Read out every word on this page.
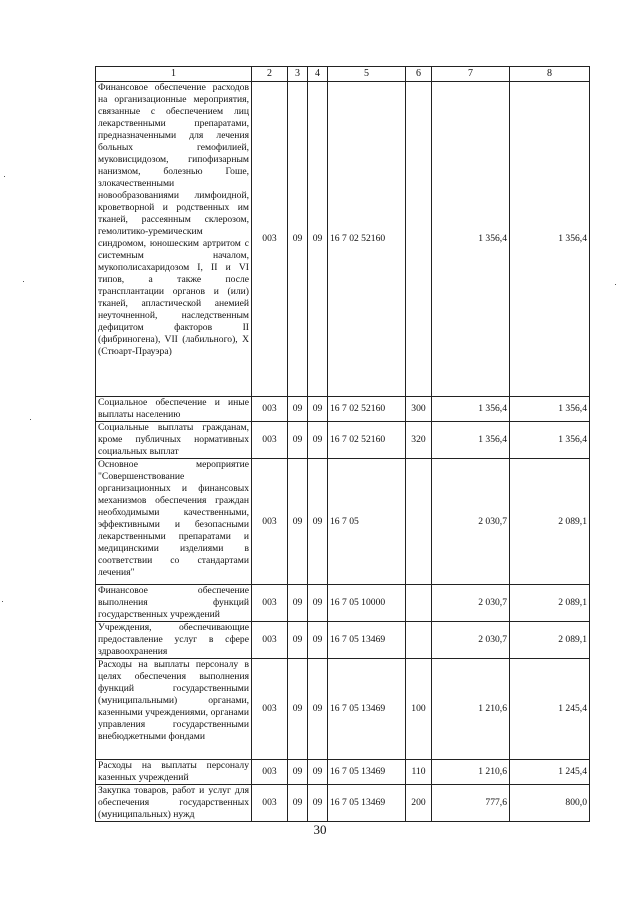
1	2	3	4	5	6	7	8
Финансовое обеспечение расходов на организационные мероприятия, связанные с обеспечением лиц лекарственными препаратами, предназначенными для лечения больных гемофилией, муковисцидозом, гипофизарным нанизмом, болезнью Гоше, злокачественными новообразованиями лимфоидной, кроветворной и родственных им тканей, рассеянным склерозом, гемолитико-уремическим синдромом, юношеским артритом с системным началом, мукополисахаридозом I, II и VI типов, а также после трансплантации органов и (или) тканей, апластической анемией неуточненной, наследственным дефицитом факторов II (фибриногена), VII (лабильного), X (Стюарт-Прауэра)	003	09	09	16 7 02 52160		1 356,4	1 356,4
Социальное обеспечение и иные выплаты населению	003	09	09	16 7 02 52160	300	1 356,4	1 356,4
Социальные выплаты гражданам, кроме публичных нормативных социальных выплат	003	09	09	16 7 02 52160	320	1 356,4	1 356,4
Основное мероприятие "Совершенствование организационных и финансовых механизмов обеспечения граждан необходимыми качественными, эффективными и безопасными лекарственными препаратами и медицинскими изделиями в соответствии со стандартами лечения"	003	09	09	16 7 05		2 030,7	2 089,1
Финансовое обеспечение выполнения функций государственных учреждений	003	09	09	16 7 05 10000		2 030,7	2 089,1
Учреждения, обеспечивающие предоставление услуг в сфере здравоохранения	003	09	09	16 7 05 13469		2 030,7	2 089,1
Расходы на выплаты персоналу в целях обеспечения выполнения функций государственными (муниципальными) органами, казенными учреждениями, органами управления государственными внебюджетными фондами	003	09	09	16 7 05 13469	100	1 210,6	1 245,4
Расходы на выплаты персоналу казенных учреждений	003	09	09	16 7 05 13469	110	1 210,6	1 245,4
Закупка товаров, работ и услуг для обеспечения государственных (муниципальных) нужд	003	09	09	16 7 05 13469	200	777,6	800,0
30
